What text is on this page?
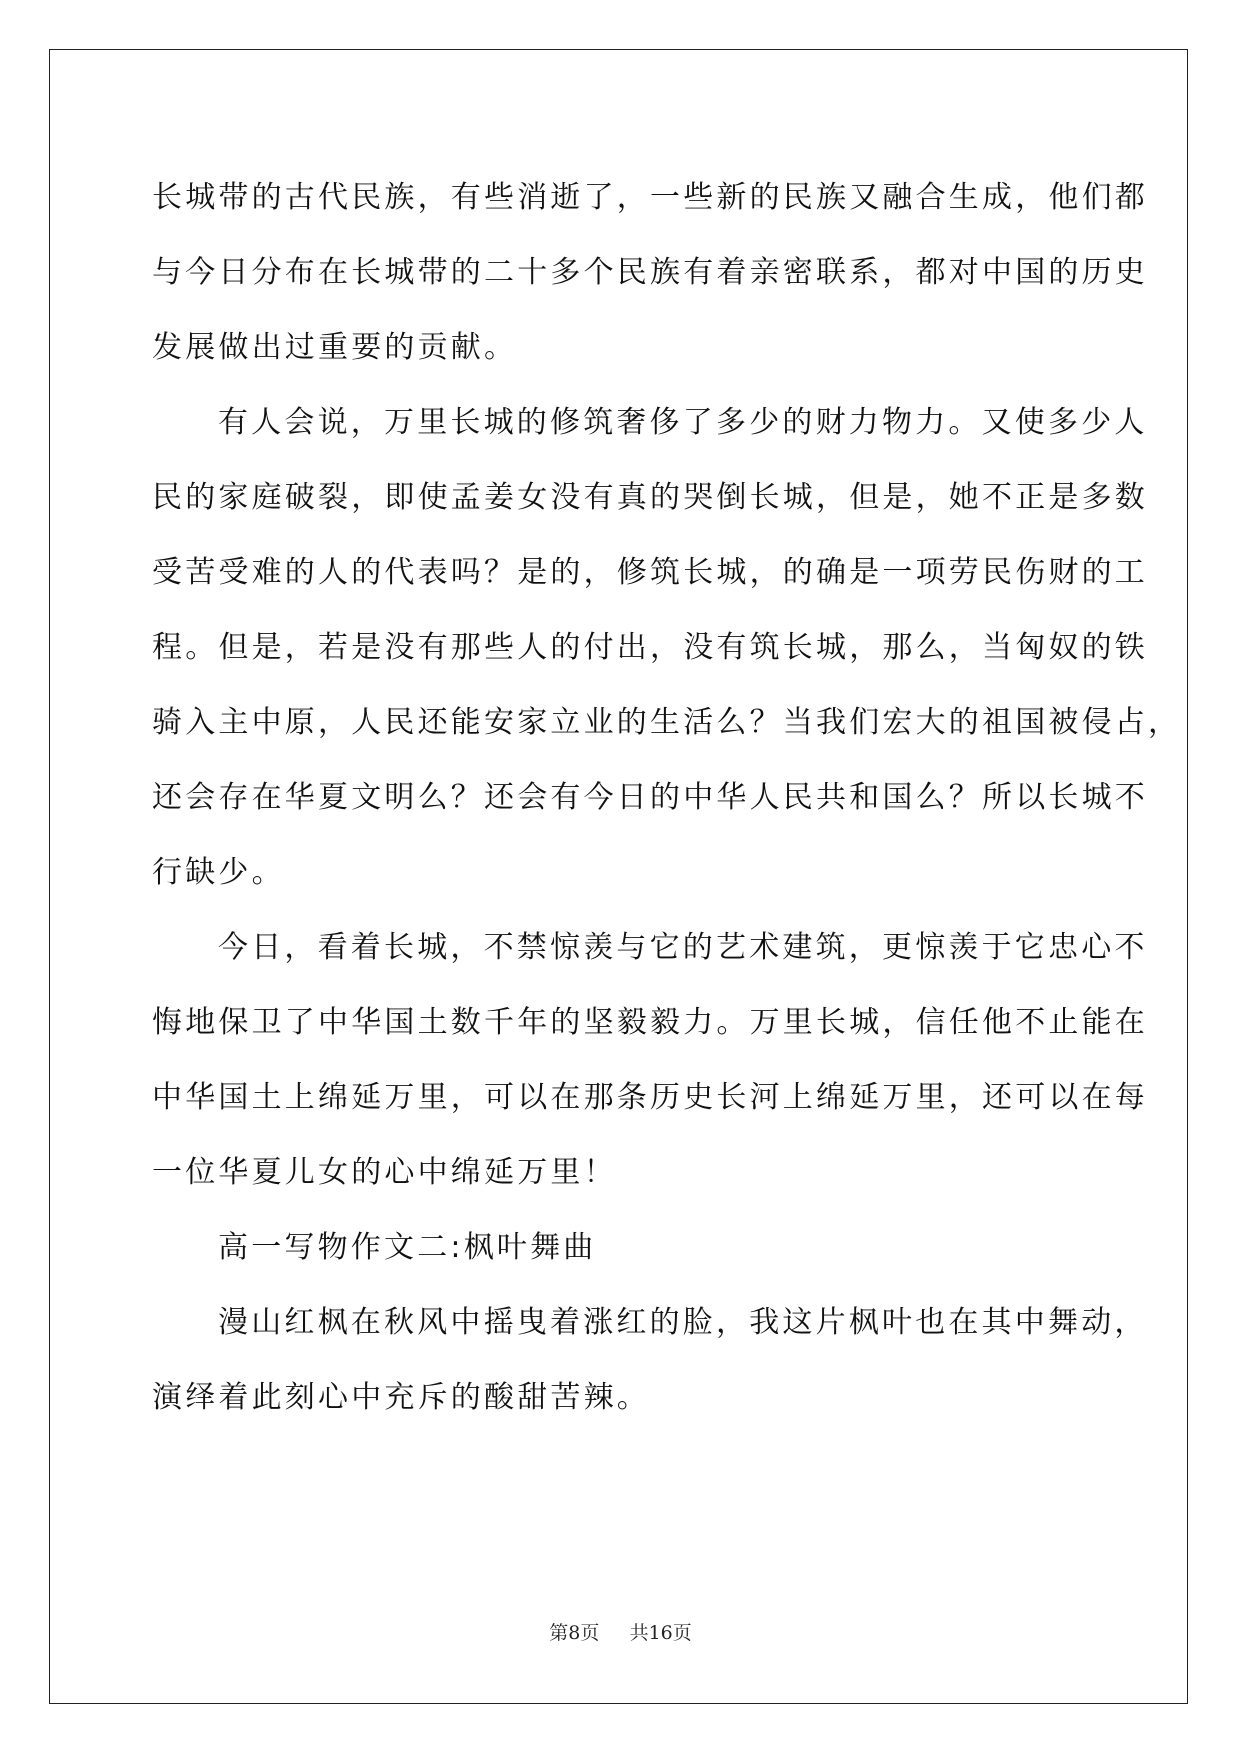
长城带的古代民族，有些消逝了，一些新的民族又融合生成，他们都
与今日分布在长城带的二十多个民族有着亲密联系，都对中国的历史
发展做出过重要的贡献。
有人会说，万里长城的修筑奢侈了多少的财力物力。又使多少人
民的家庭破裂，即使孟姜女没有真的哭倒长城，但是，她不正是多数
受苦受难的人的代表吗？是的，修筑长城，的确是一项劳民伤财的工
程。但是，若是没有那些人的付出，没有筑长城，那么，当匈奴的铁
骑入主中原，人民还能安家立业的生活么？当我们宏大的祖国被侵占，
还会存在华夏文明么？还会有今日的中华人民共和国么？所以长城不
行缺少。
今日，看着长城，不禁惊羡与它的艺术建筑，更惊羡于它忠心不
悔地保卫了中华国土数千年的坚毅毅力。万里长城，信任他不止能在
中华国土上绵延万里，可以在那条历史长河上绵延万里，还可以在每
一位华夏儿女的心中绵延万里！
高一写物作文二:枫叶舞曲
漫山红枫在秋风中摇曳着涨红的脸，我这片枫叶也在其中舞动，
演绎着此刻心中充斥的酸甜苦辣。
第8页 共16页
